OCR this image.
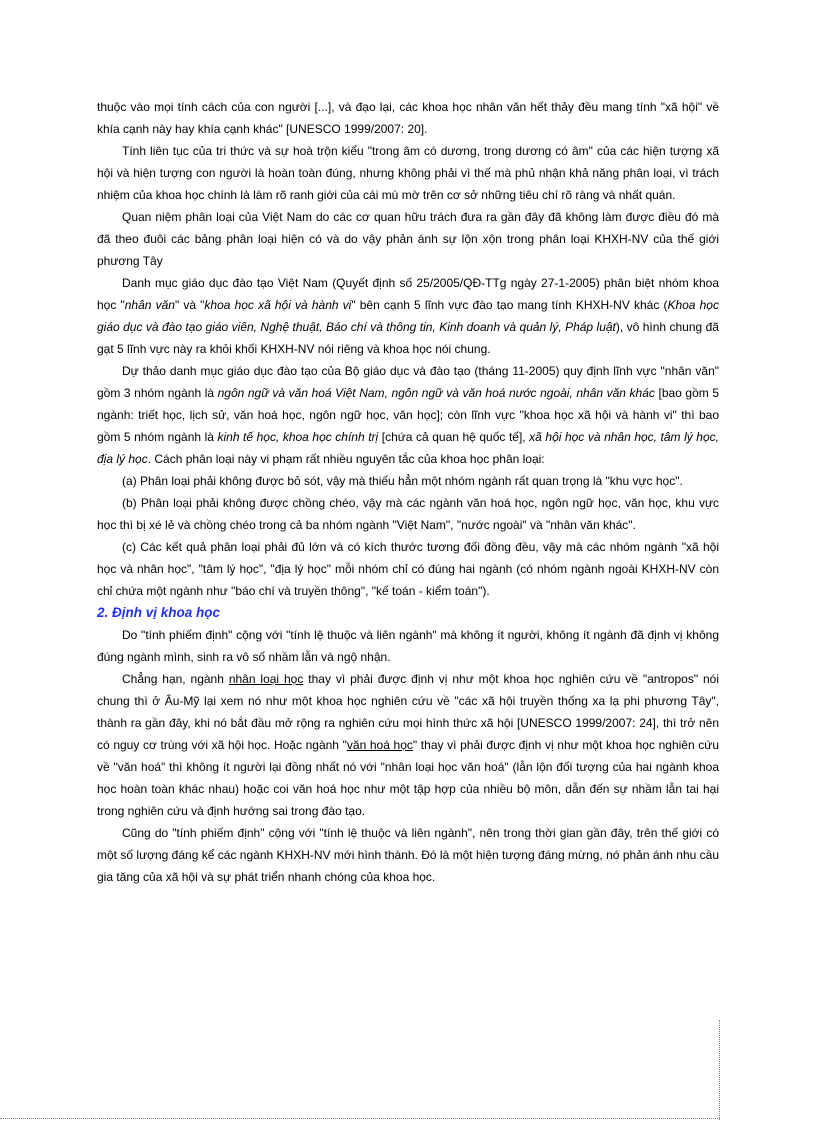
thuộc vào mọi tính cách của con người [...], và đạo lại, các khoa học nhân văn hết thảy đều mang tính "xã hội" về khía cạnh này hay khía cạnh khác" [UNESCO 1999/2007: 20].

Tính liên tục của tri thức và sự hoà trộn kiểu "trong âm có dương, trong dương có âm" của các hiện tượng xã hội và hiện tượng con người là hoàn toàn đúng, nhưng không phải vì thế mà phủ nhận khả năng phân loại, vì trách nhiệm của khoa học chính là làm rõ ranh giới của cái mù mờ trên cơ sở những tiêu chí rõ ràng và nhất quán.

Quan niệm phân loại của Việt Nam do các cơ quan hữu trách đưa ra gần đây đã không làm được điều đó mà đã theo đuôi các bảng phân loại hiện có và do vậy phản ánh sự lộn xộn trong phân loại KHXH-NV của thế giới phương Tây

Danh mục giáo dục đào tạo Việt Nam (Quyết định số 25/2005/QĐ-TTg ngày 27-1-2005) phân biệt nhóm khoa học "nhân văn" và "khoa học xã hội và hành vi" bên cạnh 5 lĩnh vực đào tạo mang tính KHXH-NV khác (Khoa học giáo dục và đào tạo giáo viên, Nghệ thuật, Báo chí và thông tin, Kinh doanh và quản lý, Pháp luật), vô hình chung đã gạt 5 lĩnh vực này ra khỏi khối KHXH-NV nói riêng và khoa học nói chung.

Dự thảo danh mục giáo dục đào tạo của Bộ giáo dục và đào tạo (tháng 11-2005) quy định lĩnh vực "nhân văn" gồm 3 nhóm ngành là ngôn ngữ và văn hoá Việt Nam, ngôn ngữ và văn hoá nước ngoài, nhân văn khác [bao gồm 5 ngành: triết học, lịch sử, văn hoá học, ngôn ngữ học, văn học]; còn lĩnh vực "khoa học xã hội và hành vi" thì bao gồm 5 nhóm ngành là kinh tế học, khoa học chính trị [chứa cả quan hệ quốc tế], xã hội học và nhân học, tâm lý học, địa lý học. Cách phân loại này vi phạm rất nhiều nguyên tắc của khoa học phân loại:

(a) Phân loại phải không được bỏ sót, vậy mà thiếu hẳn một nhóm ngành rất quan trọng là "khu vực học".

(b) Phân loại phải không được chồng chéo, vậy mà các ngành văn hoá học, ngôn ngữ học, văn học, khu vực học thì bị xé lẻ và chồng chéo trong cả ba nhóm ngành "Việt Nam", "nước ngoài" và "nhân văn khác".

(c) Các kết quả phân loại phải đủ lớn và có kích thước tương đối đồng đều, vậy mà các nhóm ngành "xã hội học và nhân học", "tâm lý học", "địa lý học" mỗi nhóm chỉ có đúng hai ngành (có nhóm ngành ngoài KHXH-NV còn chỉ chứa một ngành như "báo chí và truyền thông", "kế toán - kiểm toán").

2. Định vị khoa học

Do "tính phiếm định" cộng với "tính lệ thuộc và liên ngành" mà không ít người, không ít ngành đã định vị không đúng ngành mình, sinh ra vô số nhầm lẫn và ngộ nhận.

Chẳng hạn, ngành nhân loại học thay vì phải được định vị như một khoa học nghiên cứu về "antropos" nói chung thì ở Âu-Mỹ lại xem nó như một khoa học nghiên cứu về "các xã hội truyền thống xa lạ phi phương Tây", thành ra gần đây, khi nó bắt đầu mở rộng ra nghiên cứu mọi hình thức xã hội [UNESCO 1999/2007: 24], thì trở nên có nguy cơ trùng với xã hội học. Hoặc ngành "văn hoá học" thay vì phải được định vị như một khoa học nghiên cứu về "văn hoá" thì không ít người lại đồng nhất nó với "nhân loại học văn hoá" (lẫn lộn đối tượng của hai ngành khoa học hoàn toàn khác nhau) hoặc coi văn hoá học như một tập hợp của nhiều bộ môn, dẫn đến sự nhầm lẫn tai hại trong nghiên cứu và định hướng sai trong đào tạo.

Cũng do "tính phiếm định" cộng với "tính lệ thuộc và liên ngành", nên trong thời gian gần đây, trên thế giới có một số lượng đáng kể các ngành KHXH-NV mới hình thành. Đó là một hiện tượng đáng mừng, nó phản ánh nhu cầu gia tăng của xã hội và sự phát triển nhanh chóng của khoa học.
